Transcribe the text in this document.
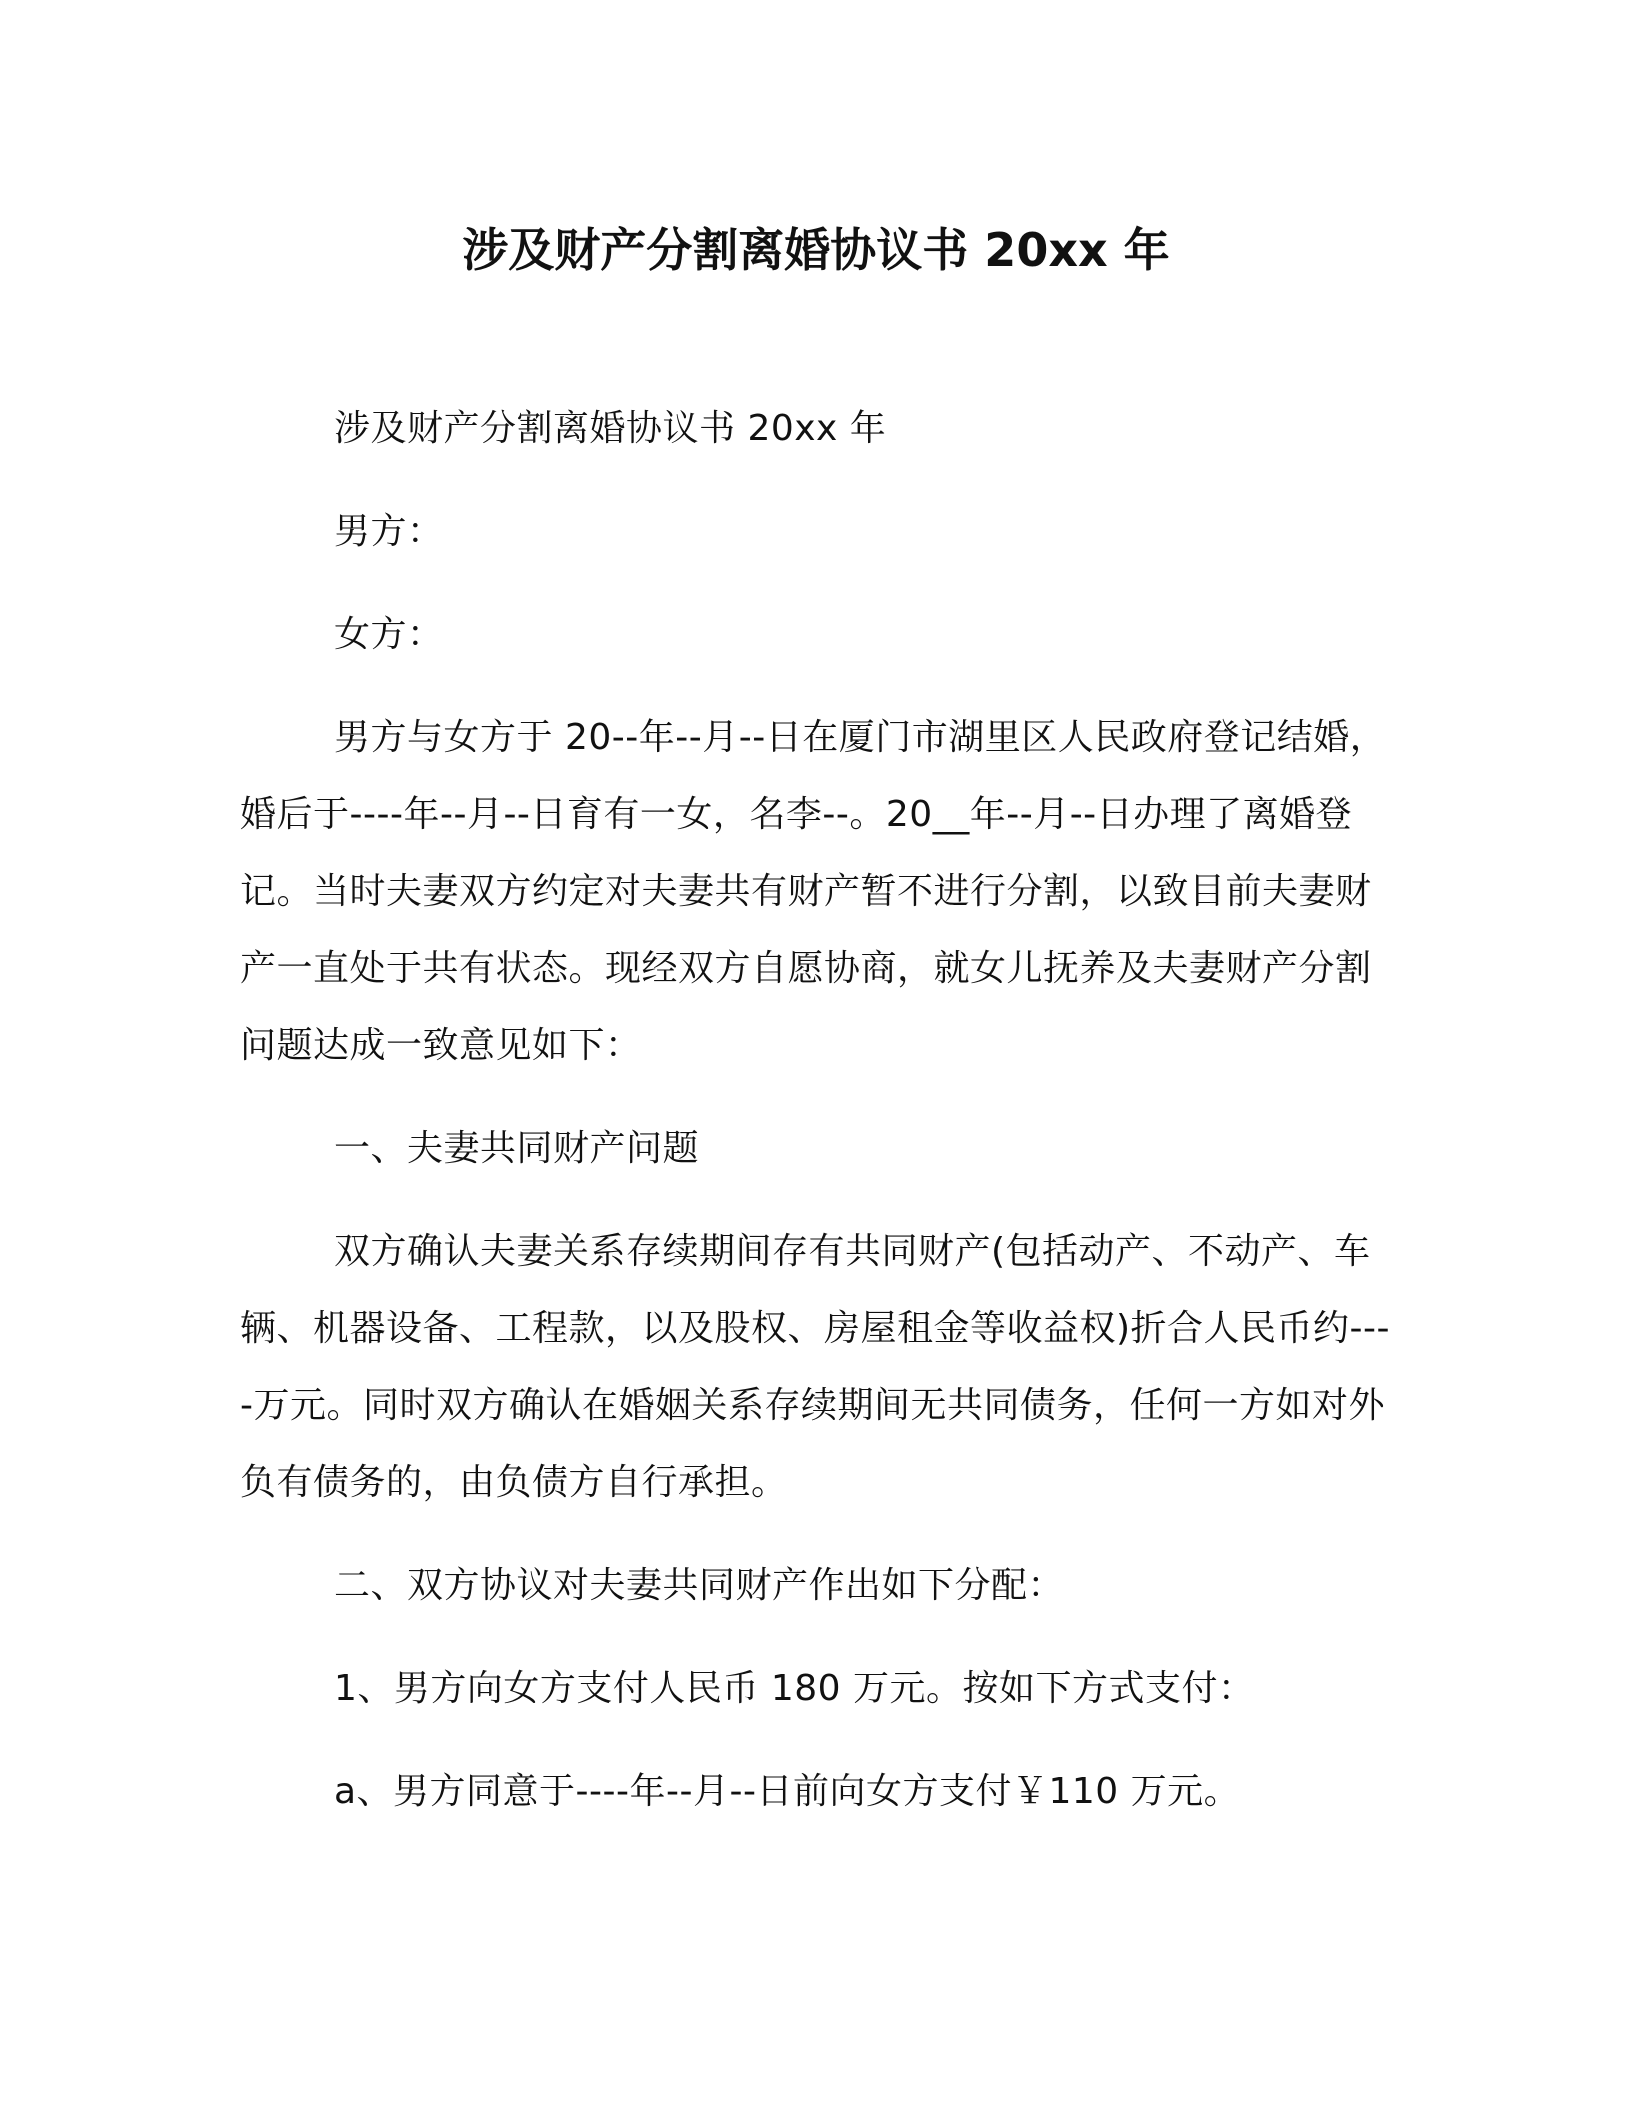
涉及财产分割离婚协议书 20xx 年

涉及财产分割离婚协议书 20xx 年

男方：

女方：

男方与女方于 20--年--月--日在厦门市湖里区人民政府登记结婚，婚后于----年--月--日育有一女，名李--。20__年--月--日办理了离婚登记。当时夫妻双方约定对夫妻共有财产暂不进行分割，以致目前夫妻财产一直处于共有状态。现经双方自愿协商，就女儿抚养及夫妻财产分割问题达成一致意见如下：

一、夫妻共同财产问题

双方确认夫妻关系存续期间存有共同财产(包括动产、不动产、车辆、机器设备、工程款，以及股权、房屋租金等收益权)折合人民币约----万元。同时双方确认在婚姻关系存续期间无共同债务，任何一方如对外负有债务的，由负债方自行承担。

二、双方协议对夫妻共同财产作出如下分配：

1、男方向女方支付人民币 180 万元。按如下方式支付：

a、男方同意于----年--月--日前向女方支付￥110 万元。
